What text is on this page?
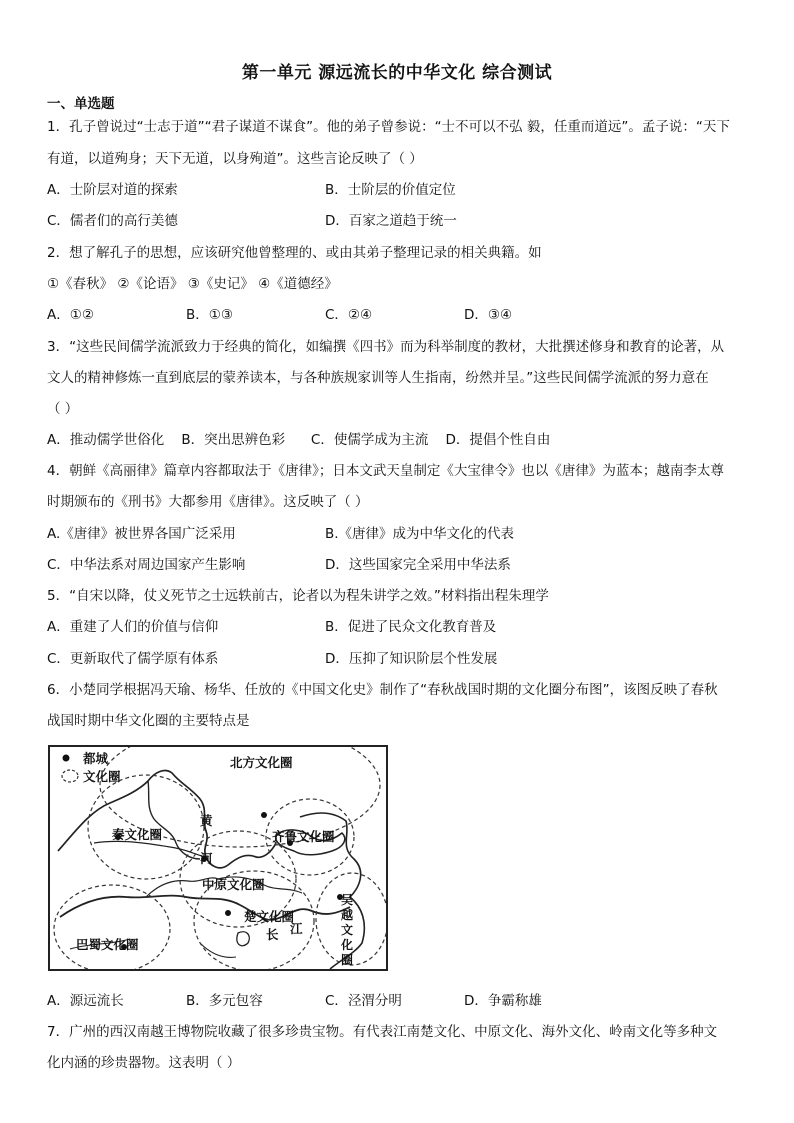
第一单元 源远流长的中华文化 综合测试
一、单选题
1．孔子曾说过“士志于道”“君子谋道不谋食”。他的弟子曾参说：“士不可以不弘 毅，任重而道远”。孟子说：“天下
有道，以道殉身；天下无道，以身殉道”。这些言论反映了（ ）
A．士阶层对道的探索	B．士阶层的价值定位
C．儒者们的高行美德	D．百家之道趋于统一
2．想了解孔子的思想，应该研究他曾整理的、或由其弟子整理记录的相关典籍。如
①《春秋》 ②《论语》 ③《史记》 ④《道德经》
A．①②	B．①③	C．②④	D．③④
3．“这些民间儒学流派致力于经典的简化，如编撰《四书》而为科举制度的教材，大批撰述修身和教育的论著，从
文人的精神修炼一直到底层的蒙养读本，与各种族规家训等人生指南，纷然并呈。”这些民间儒学流派的努力意在
（ ）
A．推动儒学世俗化    B．突出思辨色彩      C．使儒学成为主流    D．提倡个性自由
4．朝鲜《高丽律》篇章内容都取法于《唐律》；日本文武天皇制定《大宝律令》也以《唐律》为蓝本；越南李太尊
时期颁布的《刑书》大都参用《唐律》。这反映了（ ）
A.《唐律》被世界各国广泛采用	B.《唐律》成为中华文化的代表
C．中华法系对周边国家产生影响	D．这些国家完全采用中华法系
5．“自宋以降，仗义死节之士远轶前古，论者以为程朱讲学之效。”材料指出程朱理学
A．重建了人们的价值与信仰	B．促进了民众文化教育普及
C．更新取代了儒学原有体系	D．压抑了知识阶层个性发展
6．小楚同学根据冯天瑜、杨华、任放的《中国文化史》制作了“春秋战国时期的文化圈分布图”，该图反映了春秋
战国时期中华文化圈的主要特点是
都城
文化圈
北方文化圈
秦文化圈	齐鲁文化圈
中原文化圈
楚文化圈
巴蜀文化圈
吴越文化圈
黄
河
长 江
A．源远流长	B．多元包容	C．泾渭分明	D．争霸称雄
7．广州的西汉南越王博物院收藏了很多珍贵宝物。有代表江南楚文化、中原文化、海外文化、岭南文化等多种文
化内涵的珍贵器物。这表明（ ）
